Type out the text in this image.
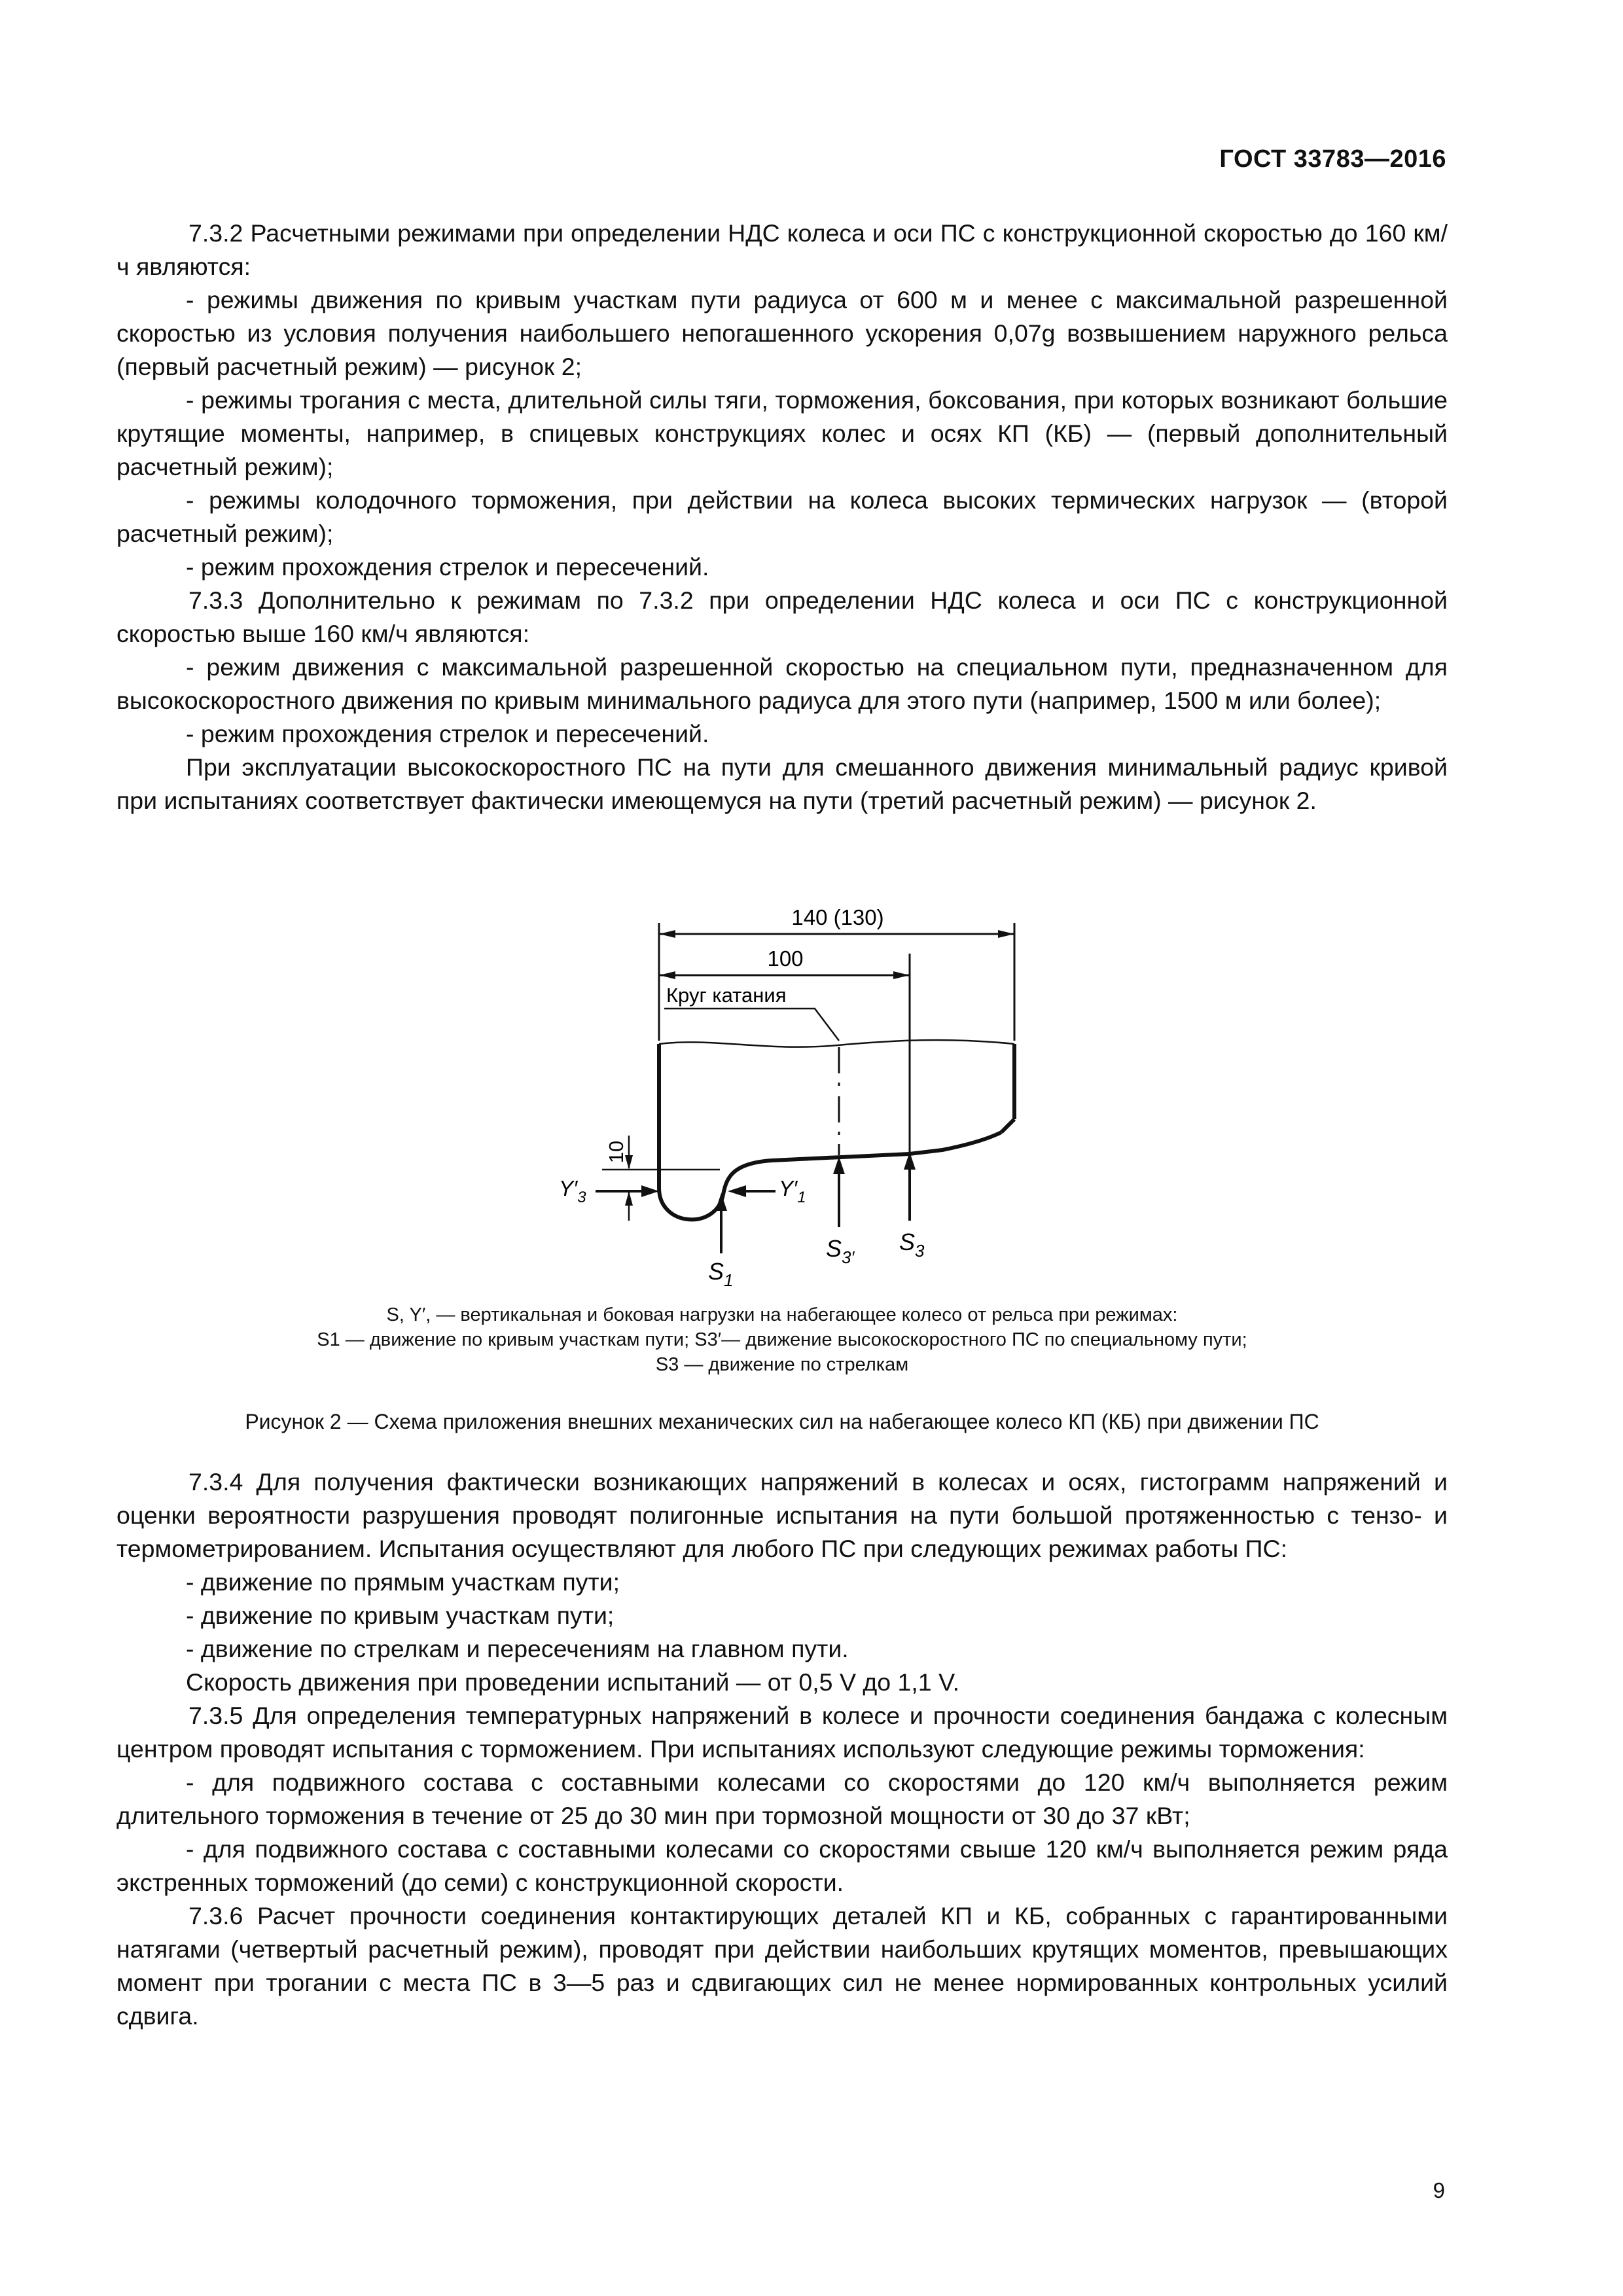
ГОСТ 33783—2016

7.3.2 Расчетными режимами при определении НДС колеса и оси ПС с конструкционной скоростью до 160 км/ч являются:

- режимы движения по кривым участкам пути радиуса от 600 м и менее с максимальной разрешенной скоростью из условия получения наибольшего непогашенного ускорения 0,07g возвышением наружного рельса (первый расчетный режим) — рисунок 2;

- режимы трогания с места, длительной силы тяги, торможения, боксования, при которых возникают большие крутящие моменты, например, в спицевых конструкциях колес и осях КП (КБ) — (первый дополнительный расчетный режим);

- режимы колодочного торможения, при действии на колеса высоких термических нагрузок — (второй расчетный режим);

- режим прохождения стрелок и пересечений.

7.3.3 Дополнительно к режимам по 7.3.2 при определении НДС колеса и оси ПС с конструкционной скоростью выше 160 км/ч являются:

- режим движения с максимальной разрешенной скоростью на специальном пути, предназначенном для высокоскоростного движения по кривым минимального радиуса для этого пути (например, 1500 м или более);

- режим прохождения стрелок и пересечений.

При эксплуатации высокоскоростного ПС на пути для смешанного движения минимальный радиус кривой при испытаниях соответствует фактически имеющемуся на пути (третий расчетный режим) — рисунок 2.

140 (130)
100
Круг катания
10
$Y'_3$	$Y'_1$
$S_1$
$S_{3'}$
$S_3$
S, Y′, — вертикальная и боковая нагрузки на набегающее колесо от рельса при режимах:
S1 — движение по кривым участкам пути; S3′— движение высокоскоростного ПС по специальному пути;
S3 — движение по стрелкам
Рисунок 2 — Схема приложения внешних механических сил на набегающее колесо КП (КБ) при движении ПС

7.3.4 Для получения фактически возникающих напряжений в колесах и осях, гистограмм напряжений и оценки вероятности разрушения проводят полигонные испытания на пути большой протяженностью с тензо- и термометрированием. Испытания осуществляют для любого ПС при следующих режимах работы ПС:

- движение по прямым участкам пути;

- движение по кривым участкам пути;

- движение по стрелкам и пересечениям на главном пути.

Скорость движения при проведении испытаний — от 0,5 V до 1,1 V.

7.3.5 Для определения температурных напряжений в колесе и прочности соединения бандажа с колесным центром проводят испытания с торможением. При испытаниях используют следующие режимы торможения:

- для подвижного состава с составными колесами со скоростями до 120 км/ч выполняется режим длительного торможения в течение от 25 до 30 мин при тормозной мощности от 30 до 37 кВт;

- для подвижного состава с составными колесами со скоростями свыше 120 км/ч выполняется режим ряда экстренных торможений (до семи) с конструкционной скорости.

7.3.6 Расчет прочности соединения контактирующих деталей КП и КБ, собранных с гарантированными натягами (четвертый расчетный режим), проводят при действии наибольших крутящих моментов, превышающих момент при трогании с места ПС в 3—5 раз и сдвигающих сил не менее нормированных контрольных усилий сдвига.

9
